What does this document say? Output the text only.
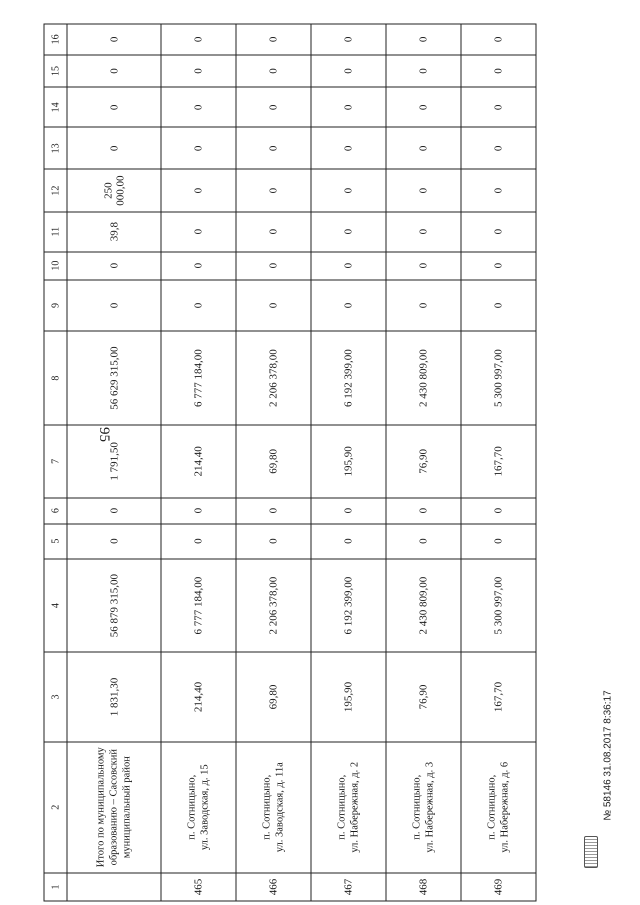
95
№ 58146 31.08.2017 8:36:17
1	2	3	4	5	6	7	8	9	10	11	12	13	14	15	16

	Итого по муниципальному образованию – Сасовский муниципальный район	1 831,30	56 879 315,00	0	0	1 791,50	56 629 315,00	0	0	39,8	250 000,00	0	0	0	0
465	п. Сотницыно, ул. Заводская, д. 15	214,40	6 777 184,00	0	0	214,40	6 777 184,00	0	0	0	0	0	0	0	0
466	п. Сотницыно, ул. Заводская, д. 11а	69,80	2 206 378,00	0	0	69,80	2 206 378,00	0	0	0	0	0	0	0	0
467	п. Сотницыно, ул. Набережная, д. 2	195,90	6 192 399,00	0	0	195,90	6 192 399,00	0	0	0	0	0	0	0	0
468	п. Сотницыно, ул. Набережная, д. 3	76,90	2 430 809,00	0	0	76,90	2 430 809,00	0	0	0	0	0	0	0	0
469	п. Сотницыно, ул. Набережная, д. 6	167,70	5 300 997,00	0	0	167,70	5 300 997,00	0	0	0	0	0	0	0	0
